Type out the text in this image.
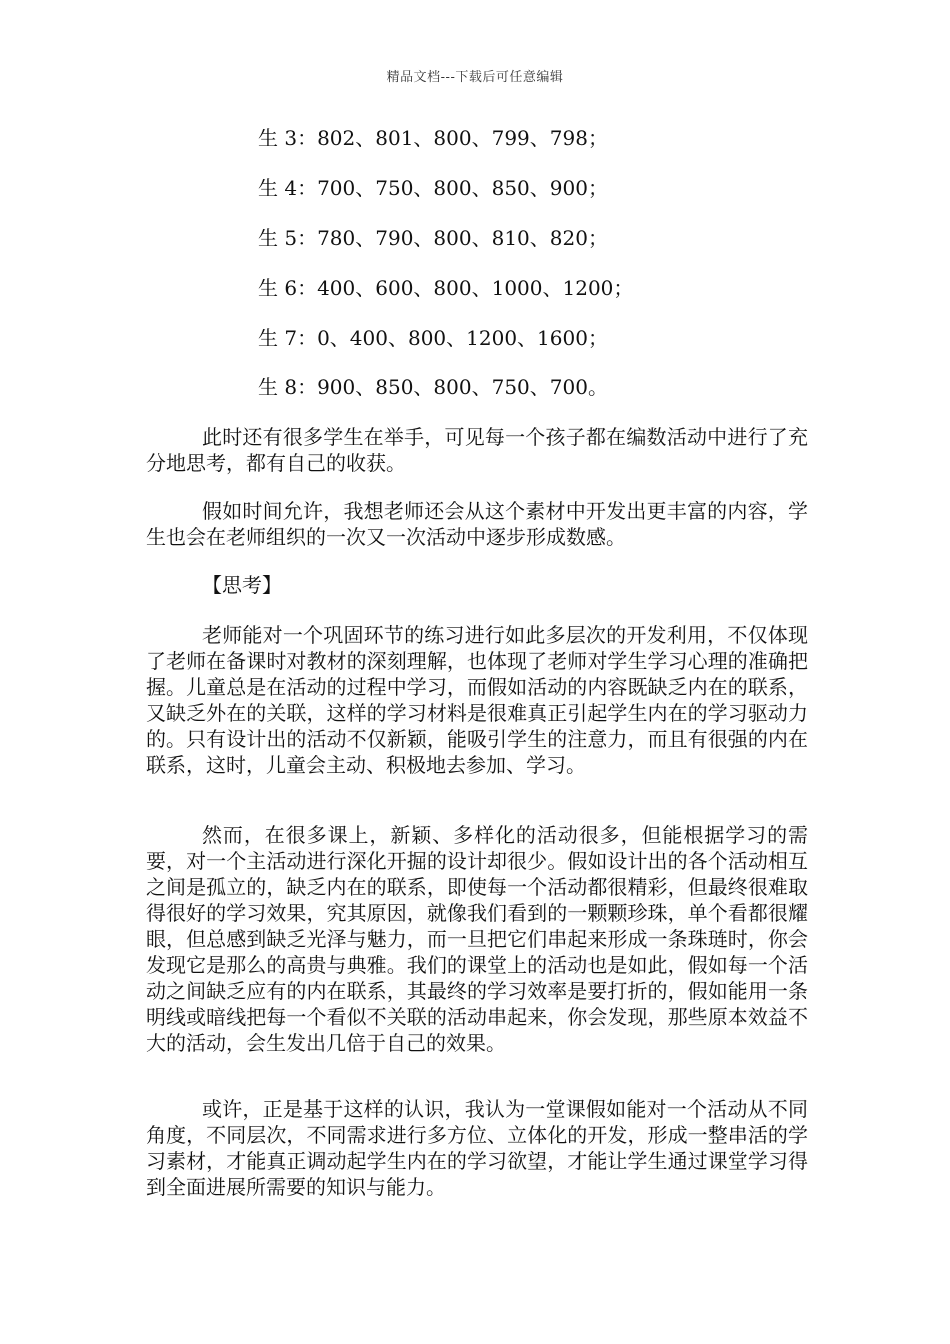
精品文档---下载后可任意编辑
生 3：802、801、800、799、798；
生 4：700、750、800、850、900；
生 5：780、790、800、810、820；
生 6：400、600、800、1000、1200；
生 7：0、400、800、1200、1600；
生 8：900、850、800、750、700。

此时还有很多学生在举手，可见每一个孩子都在编数活动中进行了充分地思考，都有自己的收获。

假如时间允许，我想老师还会从这个素材中开发出更丰富的内容，学生也会在老师组织的一次又一次活动中逐步形成数感。

【思考】

老师能对一个巩固环节的练习进行如此多层次的开发利用，不仅体现了老师在备课时对教材的深刻理解，也体现了老师对学生学习心理的准确把握。儿童总是在活动的过程中学习，而假如活动的内容既缺乏内在的联系，又缺乏外在的关联，这样的学习材料是很难真正引起学生内在的学习驱动力的。只有设计出的活动不仅新颖，能吸引学生的注意力，而且有很强的内在联系，这时，儿童会主动、积极地去参加、学习。

然而，在很多课上，新颖、多样化的活动很多，但能根据学习的需要，对一个主活动进行深化开掘的设计却很少。假如设计出的各个活动相互之间是孤立的，缺乏内在的联系，即使每一个活动都很精彩，但最终很难取得很好的学习效果，究其原因，就像我们看到的一颗颗珍珠，单个看都很耀眼，但总感到缺乏光泽与魅力，而一旦把它们串起来形成一条珠琏时，你会发现它是那么的高贵与典雅。我们的课堂上的活动也是如此，假如每一个活动之间缺乏应有的内在联系，其最终的学习效率是要打折的，假如能用一条明线或暗线把每一个看似不关联的活动串起来，你会发现，那些原本效益不大的活动，会生发出几倍于自己的效果。

或许，正是基于这样的认识，我认为一堂课假如能对一个活动从不同角度，不同层次，不同需求进行多方位、立体化的开发，形成一整串活的学习素材，才能真正调动起学生内在的学习欲望，才能让学生通过课堂学习得到全面进展所需要的知识与能力。
